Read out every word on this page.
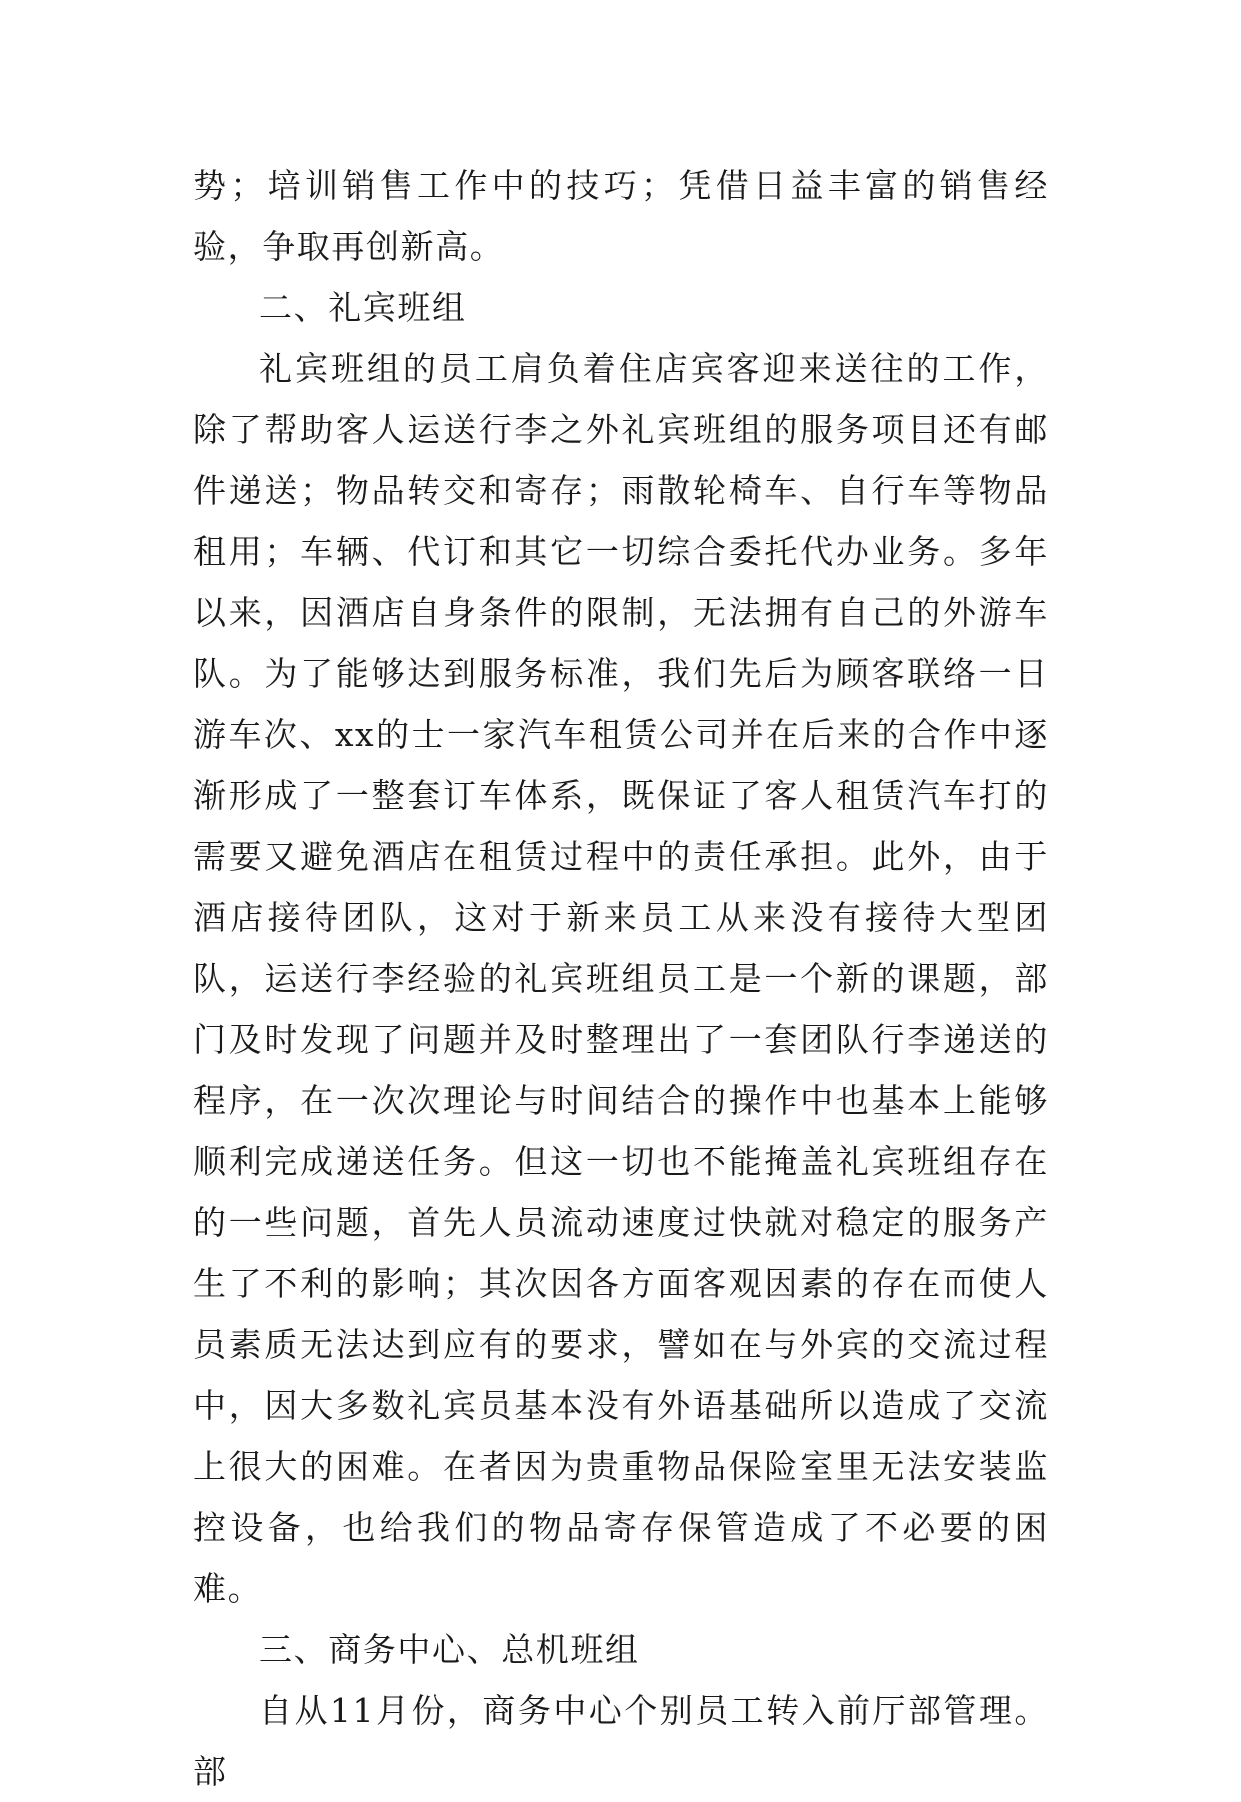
势；培训销售工作中的技巧；凭借日益丰富的销售经验，争取再创新高。

二、礼宾班组

礼宾班组的员工肩负着住店宾客迎来送往的工作，除了帮助客人运送行李之外礼宾班组的服务项目还有邮件递送；物品转交和寄存；雨散轮椅车、自行车等物品租用；车辆、代订和其它一切综合委托代办业务。多年以来，因酒店自身条件的限制，无法拥有自己的外游车队。为了能够达到服务标准，我们先后为顾客联络一日游车次、xx的士一家汽车租赁公司并在后来的合作中逐渐形成了一整套订车体系，既保证了客人租赁汽车打的需要又避免酒店在租赁过程中的责任承担。此外，由于酒店接待团队，这对于新来员工从来没有接待大型团队，运送行李经验的礼宾班组员工是一个新的课题，部门及时发现了问题并及时整理出了一套团队行李递送的程序，在一次次理论与时间结合的操作中也基本上能够顺利完成递送任务。但这一切也不能掩盖礼宾班组存在的一些问题，首先人员流动速度过快就对稳定的服务产生了不利的影响；其次因各方面客观因素的存在而使人员素质无法达到应有的要求，譬如在与外宾的交流过程中，因大多数礼宾员基本没有外语基础所以造成了交流上很大的困难。在者因为贵重物品保险室里无法安装监控设备，也给我们的物品寄存保管造成了不必要的困难。

三、商务中心、总机班组

自从11月份，商务中心个别员工转入前厅部管理。部
